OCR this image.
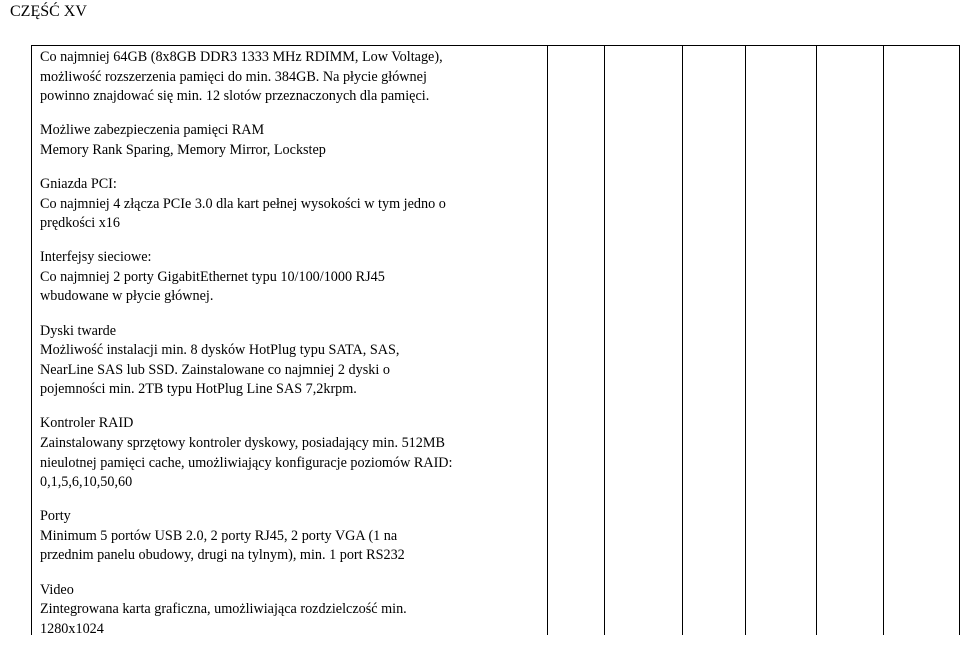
CZĘŚĆ XV

Co najmniej 64GB (8x8GB DDR3 1333 MHz RDIMM, Low Voltage),

możliwość rozszerzenia pamięci do min. 384GB. Na płycie głównej

powinno znajdować się min. 12 slotów przeznaczonych dla pamięci.

Możliwe zabezpieczenia pamięci RAM

Memory Rank Sparing, Memory Mirror, Lockstep

Gniazda PCI:

Co najmniej 4 złącza PCIe 3.0 dla kart pełnej wysokości w tym jedno o

prędkości x16

Interfejsy sieciowe:

Co najmniej 2 porty GigabitEthernet typu 10/100/1000 RJ45

wbudowane w płycie głównej.

Dyski twarde

Możliwość instalacji min. 8 dysków HotPlug typu SATA, SAS,

NearLine SAS lub SSD. Zainstalowane co najmniej 2 dyski o

pojemności min. 2TB typu HotPlug Line SAS 7,2krpm.

Kontroler RAID

Zainstalowany sprzętowy kontroler dyskowy, posiadający min. 512MB

nieulotnej pamięci cache, umożliwiający konfiguracje poziomów RAID:

0,1,5,6,10,50,60

Porty

Minimum 5 portów USB 2.0, 2 porty RJ45, 2 porty VGA (1 na

przednim panelu obudowy, drugi na tylnym), min. 1 port RS232

Video

Zintegrowana karta graficzna, umożliwiająca rozdzielczość min.

1280x1024
